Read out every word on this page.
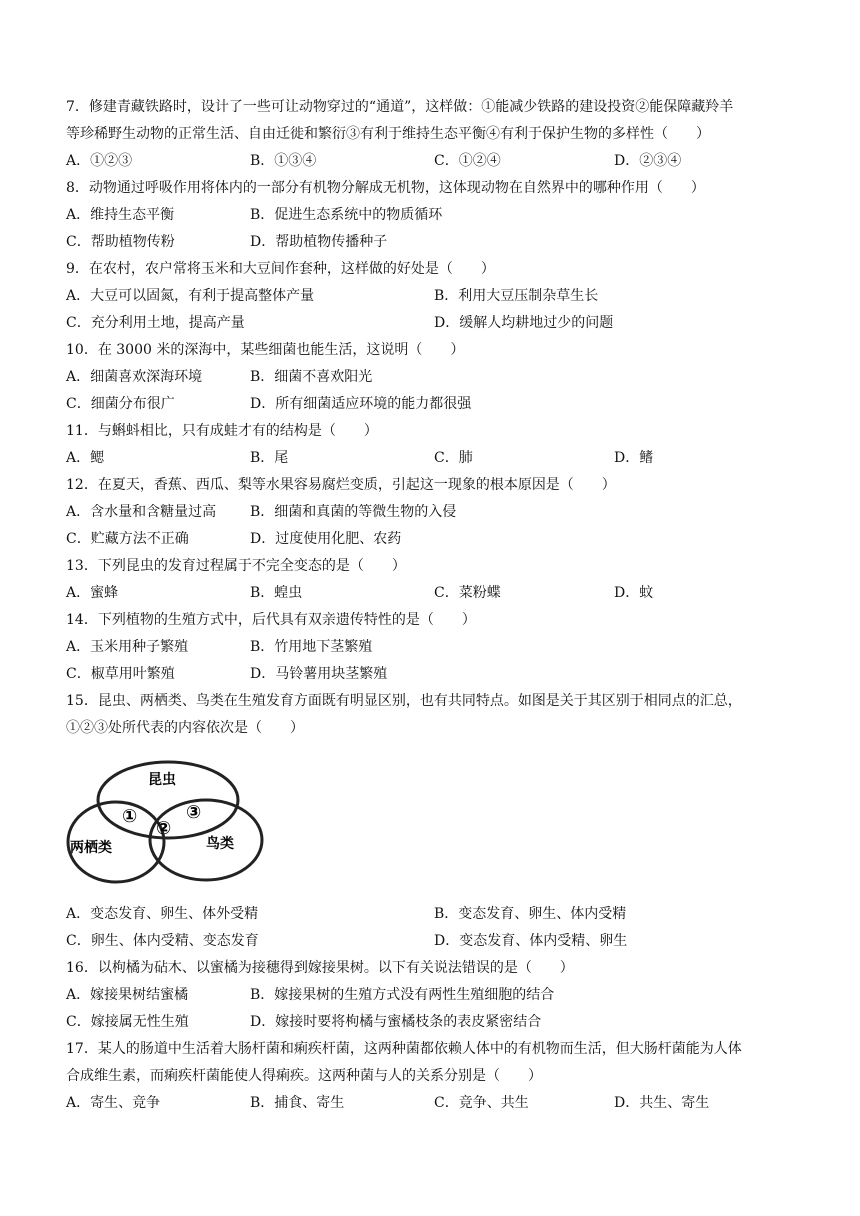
7．修建青藏铁路时，设计了一些可让动物穿过的“通道”，这样做：①能减少铁路的建设投资②能保障藏羚羊
等珍稀野生动物的正常生活、自由迁徙和繁衍③有利于维持生态平衡④有利于保护生物的多样性（　　）
A．①②③	B．①③④	C．①②④	D．②③④
8．动物通过呼吸作用将体内的一部分有机物分解成无机物，这体现动物在自然界中的哪种作用（　　）
A．维持生态平衡	B．促进生态系统中的物质循环
C．帮助植物传粉	D．帮助植物传播种子
9．在农村，农户常将玉米和大豆间作套种，这样做的好处是（　　）
A．大豆可以固氮，有利于提高整体产量	B．利用大豆压制杂草生长
C．充分利用土地，提高产量	D．缓解人均耕地过少的问题
10．在 3000 米的深海中，某些细菌也能生活，这说明（　　）
A．细菌喜欢深海环境	B．细菌不喜欢阳光
C．细菌分布很广	D．所有细菌适应环境的能力都很强
11．与蝌蚪相比，只有成蛙才有的结构是（　　）
A．鳃	B．尾	C．肺	D．鳍
12．在夏天，香蕉、西瓜、梨等水果容易腐烂变质，引起这一现象的根本原因是（　　）
A．含水量和含糖量过高 B．细菌和真菌的等微生物的入侵
C．贮藏方法不正确	D．过度使用化肥、农药
13．下列昆虫的发育过程属于不完全变态的是（　　）
A．蜜蜂	B．蝗虫	C．菜粉蝶	D．蚊
14．下列植物的生殖方式中，后代具有双亲遗传特性的是（　　）
A．玉米用种子繁殖	B．竹用地下茎繁殖
C．椒草用叶繁殖	D．马铃薯用块茎繁殖
15．昆虫、两栖类、鸟类在生殖发育方面既有明显区别，也有共同特点。如图是关于其区别于相同点的汇总，
①②③处所代表的内容依次是（　　）
昆虫
两栖类	鸟类
①
②
③
A．变态发育、卵生、体外受精	B．变态发育、卵生、体内受精
C．卵生、体内受精、变态发育	D．变态发育、体内受精、卵生
16．以枸橘为砧木、以蜜橘为接穗得到嫁接果树。以下有关说法错误的是（　　）
A．嫁接果树结蜜橘	B．嫁接果树的生殖方式没有两性生殖细胞的结合
C．嫁接属无性生殖	D．嫁接时要将枸橘与蜜橘枝条的表皮紧密结合
17．某人的肠道中生活着大肠杆菌和痢疾杆菌，这两种菌都依赖人体中的有机物而生活，但大肠杆菌能为人体
合成维生素，而痢疾杆菌能使人得痢疾。这两种菌与人的关系分别是（　　）
A．寄生、竞争	B．捕食、寄生	C．竞争、共生	D．共生、寄生
